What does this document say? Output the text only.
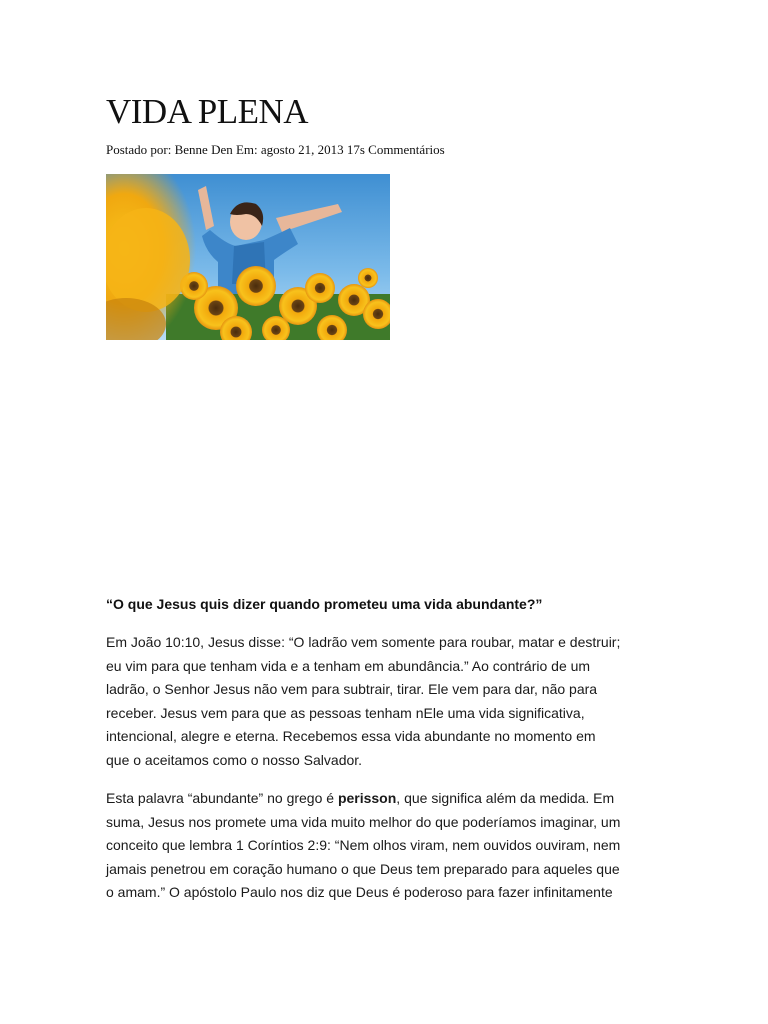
VIDA PLENA
Postado por: Benne Den Em: agosto 21, 2013 17s Commentários
“O que Jesus quis dizer quando prometeu uma vida abundante?”
Em João 10:10, Jesus disse: “O ladrão vem somente para roubar, matar e destruir;
eu vim para que tenham vida e a tenham em abundância.” Ao contrário de um
ladrão, o Senhor Jesus não vem para subtrair, tirar. Ele vem para dar, não para
receber. Jesus vem para que as pessoas tenham nEle uma vida significativa,
intencional, alegre e eterna. Recebemos essa vida abundante no momento em
que o aceitamos como o nosso Salvador.
Esta palavra “abundante” no grego é perisson, que significa além da medida. Em
suma, Jesus nos promete uma vida muito melhor do que poderíamos imaginar, um
conceito que lembra 1 Coríntios 2:9: “Nem olhos viram, nem ouvidos ouviram, nem
jamais penetrou em coração humano o que Deus tem preparado para aqueles que
o amam.” O apóstolo Paulo nos diz que Deus é poderoso para fazer infinitamente
